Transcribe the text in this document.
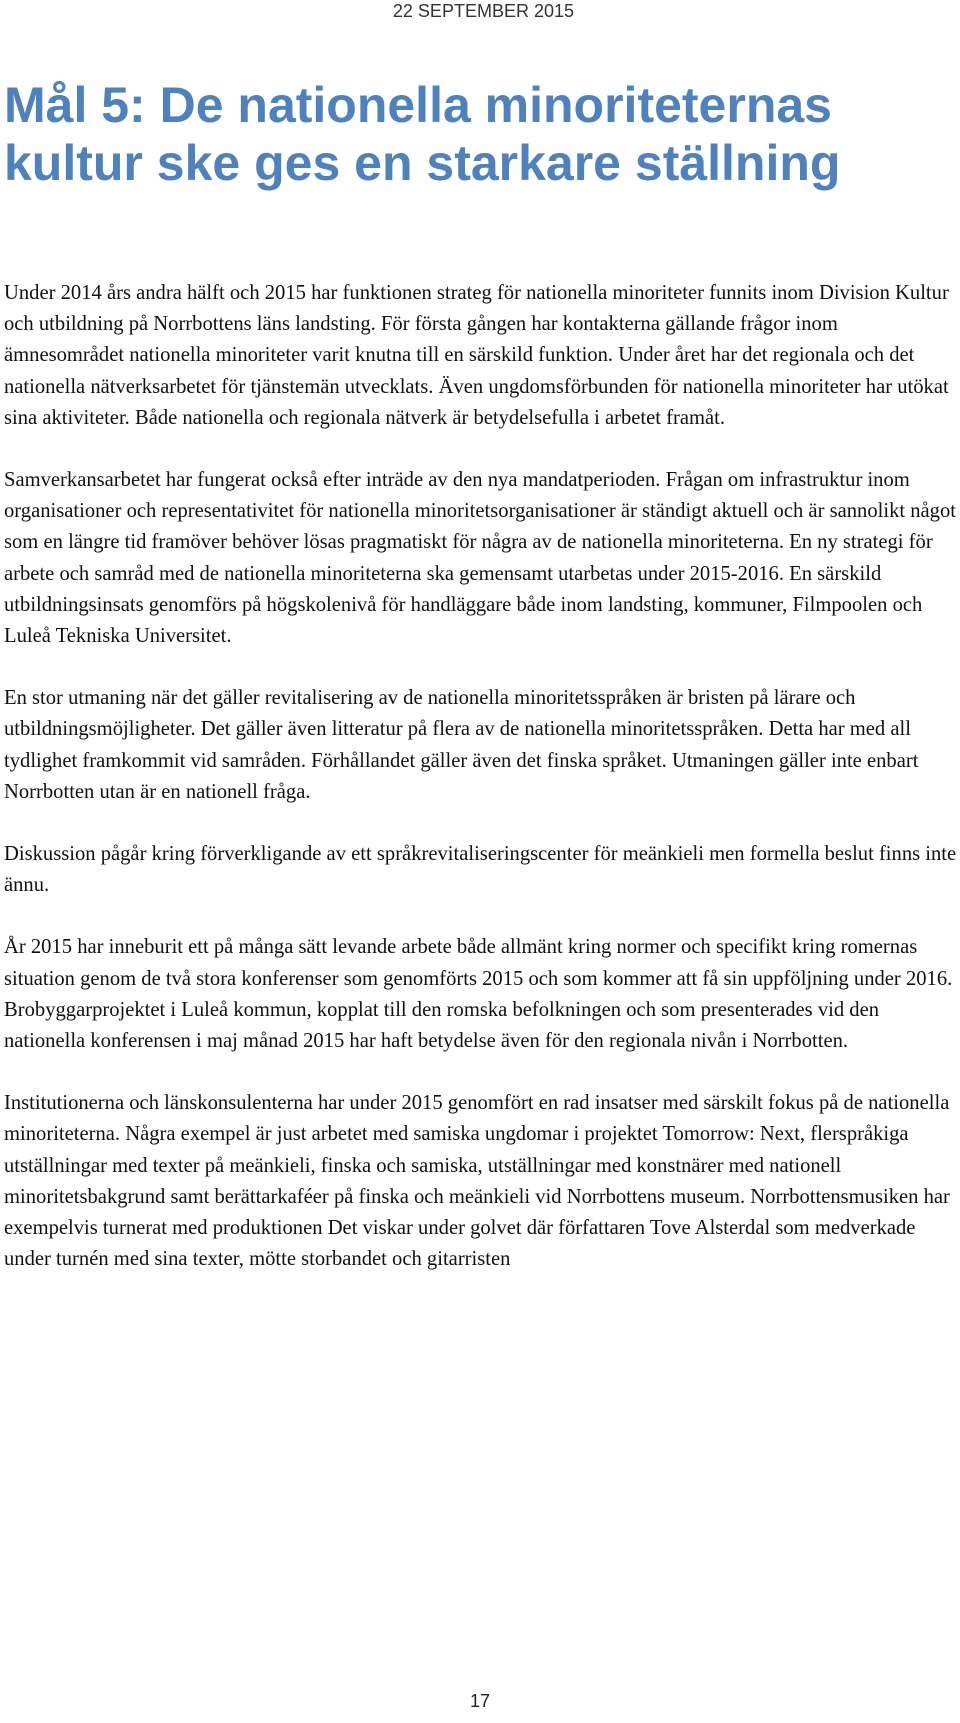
22 SEPTEMBER 2015
Mål 5: De nationella minoriteternas kultur ske ges en starkare ställning

Under 2014 års andra hälft och 2015 har funktionen strateg för nationella minoriteter funnits inom Division Kultur och utbildning på Norrbottens läns landsting. För första gången har kontakterna gällande frågor inom ämnesområdet nationella minoriteter varit knutna till en särskild funktion. Under året har det regionala och det nationella nätverksarbetet för tjänstemän utvecklats. Även ungdomsförbunden för nationella minoriteter har utökat sina aktiviteter. Både nationella och regionala nätverk är betydelsefulla i arbetet framåt.

Samverkansarbetet har fungerat också efter inträde av den nya mandatperioden. Frågan om infrastruktur inom organisationer och representativitet för nationella minoritetsorganisationer är ständigt aktuell och är sannolikt något som en längre tid framöver behöver lösas pragmatiskt för några av de nationella minoriteterna. En ny strategi för arbete och samråd med de nationella minoriteterna ska gemensamt utarbetas under 2015-2016. En särskild utbildningsinsats genomförs på högskolenivå för handläggare både inom landsting, kommuner, Filmpoolen och Luleå Tekniska Universitet.

En stor utmaning när det gäller revitalisering av de nationella minoritetsspråken är bristen på lärare och utbildningsmöjligheter. Det gäller även litteratur på flera av de nationella minoritetsspråken. Detta har med all tydlighet framkommit vid samråden. Förhållandet gäller även det finska språket. Utmaningen gäller inte enbart Norrbotten utan är en nationell fråga.

Diskussion pågår kring förverkligande av ett språkrevitaliseringscenter för meänkieli men formella beslut finns inte ännu.

År 2015 har inneburit ett på många sätt levande arbete både allmänt kring normer och specifikt kring romernas situation genom de två stora konferenser som genomförts 2015 och som kommer att få sin uppföljning under 2016. Brobyggarprojektet i Luleå kommun, kopplat till den romska befolkningen och som presenterades vid den nationella konferensen i maj månad 2015 har haft betydelse även för den regionala nivån i Norrbotten.

Institutionerna och länskonsulenterna har under 2015 genomfört en rad insatser med särskilt fokus på de nationella minoriteterna. Några exempel är just arbetet med samiska ungdomar i projektet Tomorrow: Next, flerspråkiga utställningar med texter på meänkieli, finska och samiska, utställningar med konstnärer med nationell minoritetsbakgrund samt berättarkaféer på finska och meänkieli vid Norrbottens museum. Norrbottensmusiken har exempelvis turnerat med produktionen Det viskar under golvet där författaren Tove Alsterdal som medverkade under turnén med sina texter, mötte storbandet och gitarristen

17
